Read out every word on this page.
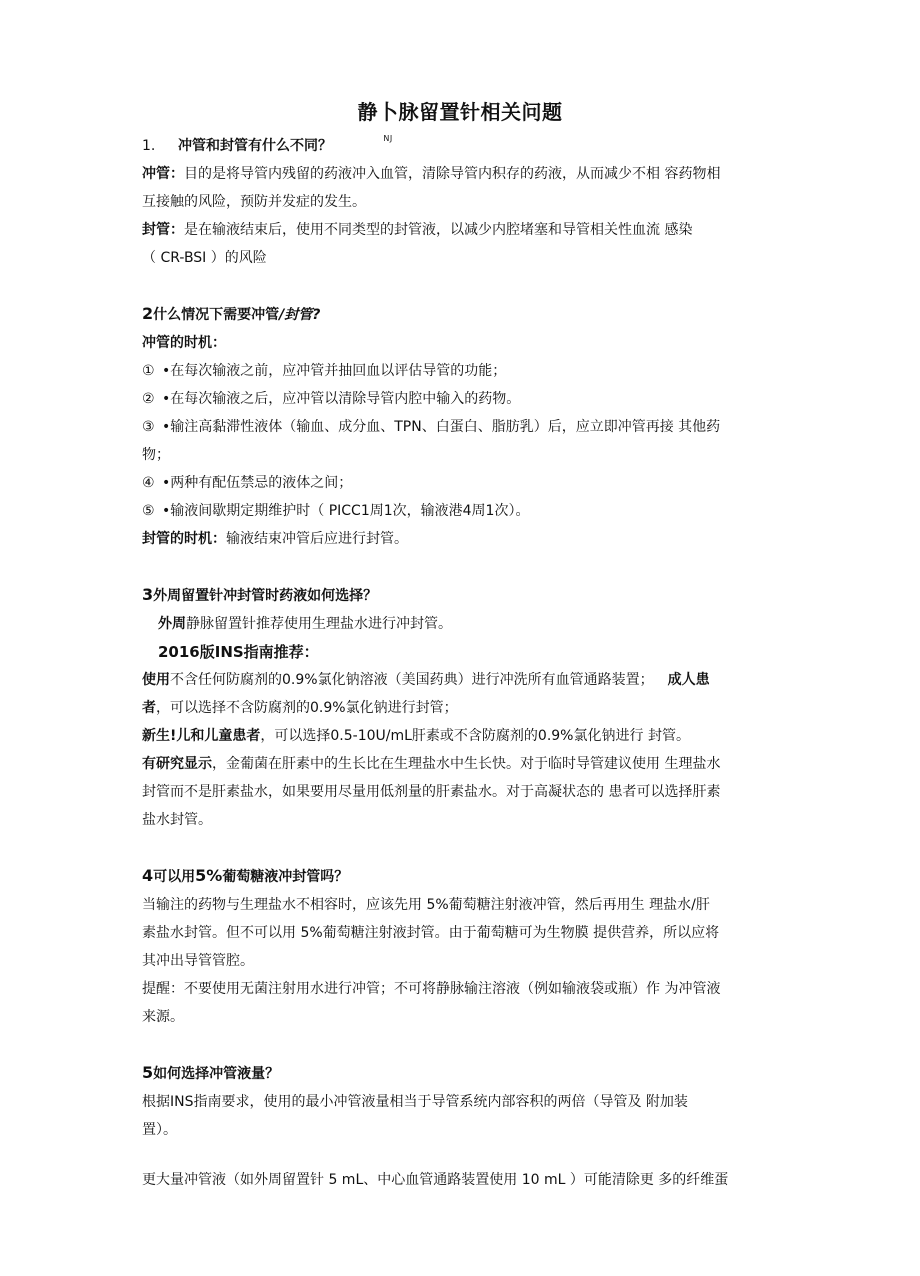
静卜脉留置针相关问题
$_{NJ}$

1. 冲管和封管有什么不同？

冲管：目的是将导管内残留的药液冲入血管，清除导管内积存的药液，从而减少不相 容药物相

互接触的风险，预防并发症的发生。

封管：是在输液结束后，使用不同类型的封管液，以减少内腔堵塞和导管相关性血流 感染

（ CR-BSI ）的风险

2什么情况下需要冲管/封管?

冲管的时机：

① •在每次输液之前，应冲管并抽回血以评估导管的功能；

② •在每次输液之后，应冲管以清除导管内腔中输入的药物。

③ •输注高黏滞性液体（输血、成分血、TPN、白蛋白、脂肪乳）后，应立即冲管再接 其他药

物；

④ •两种有配伍禁忌的液体之间；

⑤ •输液间歇期定期维护时（ PICC1周1次，输液港4周1次）。

封管的时机：输液结束冲管后应进行封管。

3外周留置针冲封管时药液如何选择？

外周静脉留置针推荐使用生理盐水进行冲封管。

2016版INS指南推荐：

使用不含任何防腐剂的0.9%氯化钠溶液（美国药典）进行冲洗所有血管通路装置； 成人患

者，可以选择不含防腐剂的0.9%氯化钠进行封管；

新生!儿和儿童患者，可以选择0.5-10U/mL肝素或不含防腐剂的0.9%氯化钠进行 封管。

有研究显示，金葡菌在肝素中的生长比在生理盐水中生长快。对于临时导管建议使用 生理盐水

封管而不是肝素盐水，如果要用尽量用低剂量的肝素盐水。对于高凝状态的 患者可以选择肝素

盐水封管。

4可以用5%葡萄糖液冲封管吗？

当输注的药物与生理盐水不相容时，应该先用 5%葡萄糖注射液冲管，然后再用生 理盐水/肝

素盐水封管。但不可以用 5%葡萄糖注射液封管。由于葡萄糖可为生物膜 提供营养，所以应将

其冲出导管管腔。

提醒：不要使用无菌注射用水进行冲管；不可将静脉输注溶液（例如输液袋或瓶）作 为冲管液

来源。

5如何选择冲管液量？

根据INS指南要求，使用的最小冲管液量相当于导管系统内部容积的两倍（导管及 附加装

置）。

更大量冲管液（如外周留置针 5 mL、中心血管通路装置使用 10 mL ）可能清除更 多的纤维蛋
